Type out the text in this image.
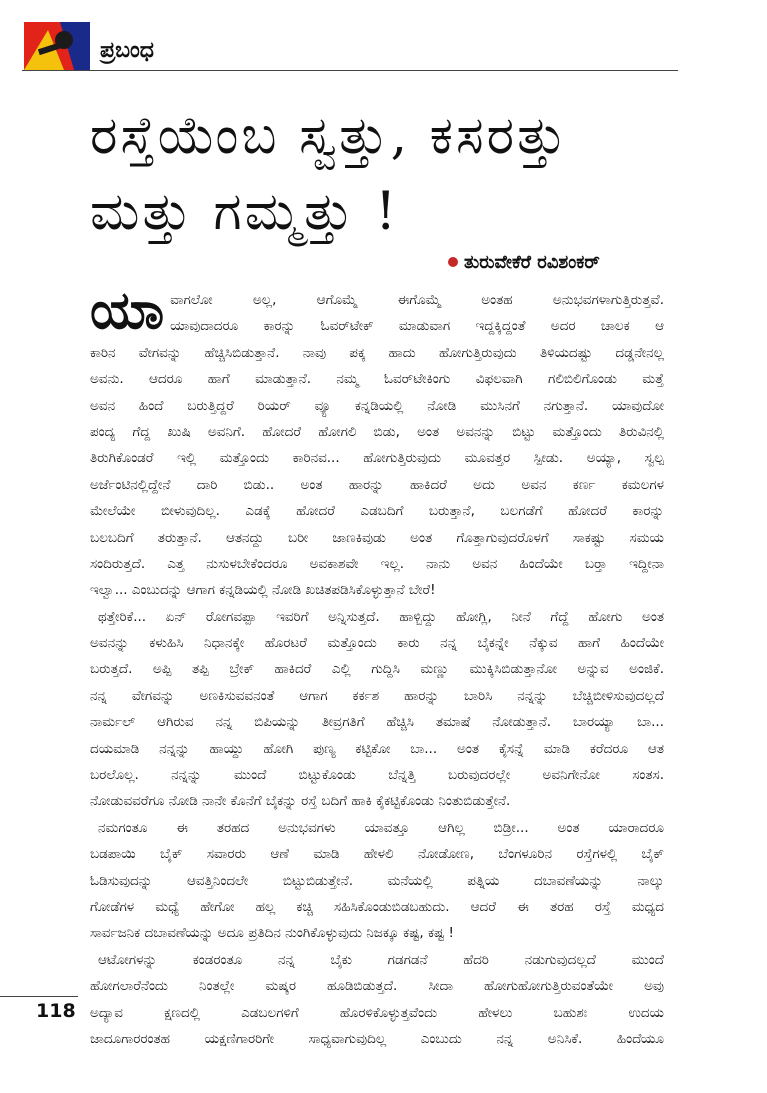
ಪ್ರಬಂಧ
ರಸ್ತೆಯೆಂಬ ಸ್ವತ್ತು, ಕಸರತ್ತು
ಮತ್ತು ಗಮ್ಮತ್ತು !
ತುರುವೇಕೆರೆ ರವಿಶಂಕರ್
ಯಾ ವಾಗಲೋ ಅಲ್ಲ, ಆಗೊಮ್ಮೆ ಈಗೊಮ್ಮೆ ಅಂತಹ ಅನುಭವಗಳಾಗುತ್ತಿರುತ್ತವೆ.
ಯಾವುದಾದರೂ ಕಾರನ್ನು ಓವರ್‌ಟೇಕ್ ಮಾಡುವಾಗ ಇದ್ದಕ್ಕಿದ್ದಂತೆ ಅದರ ಚಾಲಕ ಆ
ಕಾರಿನ ವೇಗವನ್ನು ಹೆಚ್ಚಿಸಿಬಿಡುತ್ತಾನೆ. ನಾವು ಪಕ್ಕ ಹಾದು ಹೋಗುತ್ತಿರುವುದು ತಿಳಿಯದಷ್ಟು ದಡ್ಡನೇನಲ್ಲ
ಅವನು. ಆದರೂ ಹಾಗೆ ಮಾಡುತ್ತಾನೆ. ನಮ್ಮ ಓವರ್‌ಟೇಕಿಂಗು ವಿಫಲವಾಗಿ ಗಲಿಬಿಲಿಗೊಂಡು ಮತ್ತೆ
ಅವನ ಹಿಂದೆ ಬರುತ್ತಿದ್ದರೆ ರಿಯರ್ ವ್ಯೂ ಕನ್ನಡಿಯಲ್ಲಿ ನೋಡಿ ಮುಸಿನಗೆ ನಗುತ್ತಾನೆ. ಯಾವುದೋ
ಪಂದ್ಯ ಗೆದ್ದ ಖುಷಿ ಅವನಿಗೆ. ಹೋದರೆ ಹೋಗಲಿ ಬಿಡು, ಅಂತ ಅವನನ್ನು ಬಿಟ್ಟು ಮತ್ತೊಂದು ತಿರುವಿನಲ್ಲಿ
ತಿರುಗಿಕೊಂಡರೆ ಇಲ್ಲಿ ಮತ್ತೊಂದು ಕಾರಿನವ... ಹೋಗುತ್ತಿರುವುದು ಮೂವತ್ತರ ಸ್ಪೀಡು. ಅಯ್ಯಾ, ಸ್ವಲ್ಪ
ಅರ್ಜೆಂಟಿನಲ್ಲಿದ್ದೇನೆ ದಾರಿ ಬಿಡು.. ಅಂತ ಹಾರನ್ನು ಹಾಕಿದರೆ ಅದು ಅವನ ಕರ್ಣ ಕಮಲಗಳ
ಮೇಲೆಯೇ ಬೀಳುವುದಿಲ್ಲ. ಎಡಕ್ಕೆ ಹೋದರೆ ಎಡಬದಿಗೆ ಬರುತ್ತಾನೆ, ಬಲಗಡೆಗೆ ಹೋದರೆ ಕಾರನ್ನು
ಬಲಬದಿಗೆ ತರುತ್ತಾನೆ. ಆತನದ್ದು ಬರೀ ಜಾಣಕಿವುಡು ಅಂತ ಗೊತ್ತಾಗುವುದರೊಳಗೆ ಸಾಕಷ್ಟು ಸಮಯ
ಸಂದಿರುತ್ತದೆ. ಎತ್ತ ನುಸುಳಬೇಕೆಂದರೂ ಅವಕಾಶವೇ ಇಲ್ಲ. ನಾನು ಅವನ ಹಿಂದೆಯೇ ಬರ್‍ತಾ ಇದ್ದೀನಾ
ಇಲ್ವಾ... ಎಂಬುದನ್ನು ಆಗಾಗ ಕನ್ನಡಿಯಲ್ಲಿ ನೋಡಿ ಖಚಿತಪಡಿಸಿಕೊಳ್ಳುತ್ತಾನೆ ಬೇರೆ!
ಥತ್ತೇರಿಕೆ... ಏನ್ ರೋಗವಪ್ಪಾ ಇವರಿಗೆ ಅನ್ನಿಸುತ್ತದೆ. ಹಾಳ್ಬಿದ್ದು ಹೋಗ್ಲಿ, ನೀನೆ ಗೆದ್ದೆ ಹೋಗು ಅಂತ
ಅವನನ್ನು ಕಳುಹಿಸಿ ನಿಧಾನಕ್ಕೇ ಹೊರಟರೆ ಮತ್ತೊಂದು ಕಾರು ನನ್ನ ಬೈಕನ್ನೇ ನೆಕ್ಕುವ ಹಾಗೆ ಹಿಂದೆಯೇ
ಬರುತ್ತದೆ. ಅಪ್ಪಿ ತಪ್ಪಿ ಬ್ರೇಕ್ ಹಾಕಿದರೆ ಎಲ್ಲಿ ಗುದ್ದಿಸಿ ಮಣ್ಣು ಮುಕ್ಕಿಸಿಬಿಡುತ್ತಾನೋ ಅನ್ನುವ ಅಂಜಿಕೆ.
ನನ್ನ ವೇಗವನ್ನು ಅಣಕಿಸುವವನಂತೆ ಆಗಾಗ ಕರ್ಕಶ ಹಾರನ್ನು ಬಾರಿಸಿ ನನ್ನನ್ನು ಬೆಚ್ಚಿಬೀಳಿಸುವುದಲ್ಲದೆ
ನಾರ್ಮಲ್ ಆಗಿರುವ ನನ್ನ ಬಿಪಿಯನ್ನು ತೀವ್ರಗತಿಗೆ ಹೆಚ್ಚಿಸಿ ತಮಾಷೆ ನೋಡುತ್ತಾನೆ. ಬಾರಯ್ಯಾ ಬಾ...
ದಯಮಾಡಿ ನನ್ನನ್ನು ಹಾಯ್ದು ಹೋಗಿ ಪುಣ್ಯ ಕಟ್ಟಿಕೋ ಬಾ... ಅಂತ ಕೈಸನ್ನೆ ಮಾಡಿ ಕರೆದರೂ ಆತ
ಬರಲೊಲ್ಲ. ನನ್ನನ್ನು ಮುಂದೆ ಬಿಟ್ಟುಕೊಂಡು ಬೆನ್ನತ್ತಿ ಬರುವುದರಲ್ಲೇ ಅವನಿಗೇನೋ ಸಂತಸ.
ನೋಡುವವರೆಗೂ ನೋಡಿ ನಾನೇ ಕೊನೆಗೆ ಬೈಕನ್ನು ರಸ್ತೆ ಬದಿಗೆ ಹಾಕಿ ಕೈಕಟ್ಟಿಕೊಂಡು ನಿಂತುಬಿಡುತ್ತೇನೆ.
ನಮಗಂತೂ ಈ ತರಹದ ಅನುಭವಗಳು ಯಾವತ್ತೂ ಆಗಿಲ್ಲ ಬಿಡ್ರೀ... ಅಂತ ಯಾರಾದರೂ
ಬಡಪಾಯಿ ಬೈಕ್ ಸವಾರರು ಆಣೆ ಮಾಡಿ ಹೇಳಲಿ ನೋಡೋಣ, ಬೆಂಗಳೂರಿನ ರಸ್ತೆಗಳಲ್ಲಿ ಬೈಕ್
ಓಡಿಸುವುದನ್ನು ಆವತ್ತಿನಿಂದಲೇ ಬಿಟ್ಟುಬಿಡುತ್ತೇನೆ. ಮನೆಯಲ್ಲಿ ಪತ್ನಿಯ ದಬಾವಣೆಯನ್ನು ನಾಲ್ಕು
ಗೋಡೆಗಳ ಮಧ್ಯೆ ಹೇಗೋ ಹಲ್ಲ ಕಚ್ಚಿ ಸಹಿಸಿಕೊಂಡುಬಿಡಬಹುದು. ಆದರೆ ಈ ತರಹ ರಸ್ತೆ ಮಧ್ಯದ
ಸಾರ್ವಜನಿಕ ದಬಾವಣೆಯನ್ನು ಅದೂ ಪ್ರತಿದಿನ ನುಂಗಿಕೊಳ್ಳುವುದು ನಿಜಕ್ಕೂ ಕಷ್ಟ, ಕಷ್ಟ !
ಆಟೋಗಳನ್ನು ಕಂಡರಂತೂ ನನ್ನ ಬೈಕು ಗಡಗಡನೆ ಹೆದರಿ ನಡುಗುವುದಲ್ಲದೆ ಮುಂದೆ
ಹೋಗಲಾರೆನೆಂದು ನಿಂತಲ್ಲೇ ಮಷ್ಕರ ಹೂಡಿಬಿಡುತ್ತದೆ. ಸೀದಾ ಹೋಗುಹೋಗುತ್ತಿರುವಂತೆಯೇ ಅವು
ಅದ್ಯಾವ ಕ್ಷಣದಲ್ಲಿ ಎಡಬಲಗಳಿಗೆ ಹೊರಳಿಕೊಳ್ಳುತ್ತವೆಂದು ಹೇಳಲು ಬಹುಶಃ ಉದಯ
ಜಾದೂಗಾರರಂತಹ ಯಕ್ಷಣಿಗಾರರಿಗೇ ಸಾಧ್ಯವಾಗುವುದಿಲ್ಲ ಎಂಬುದು ನನ್ನ ಅನಿಸಿಕೆ. ಹಿಂದೆಯೂ
118
